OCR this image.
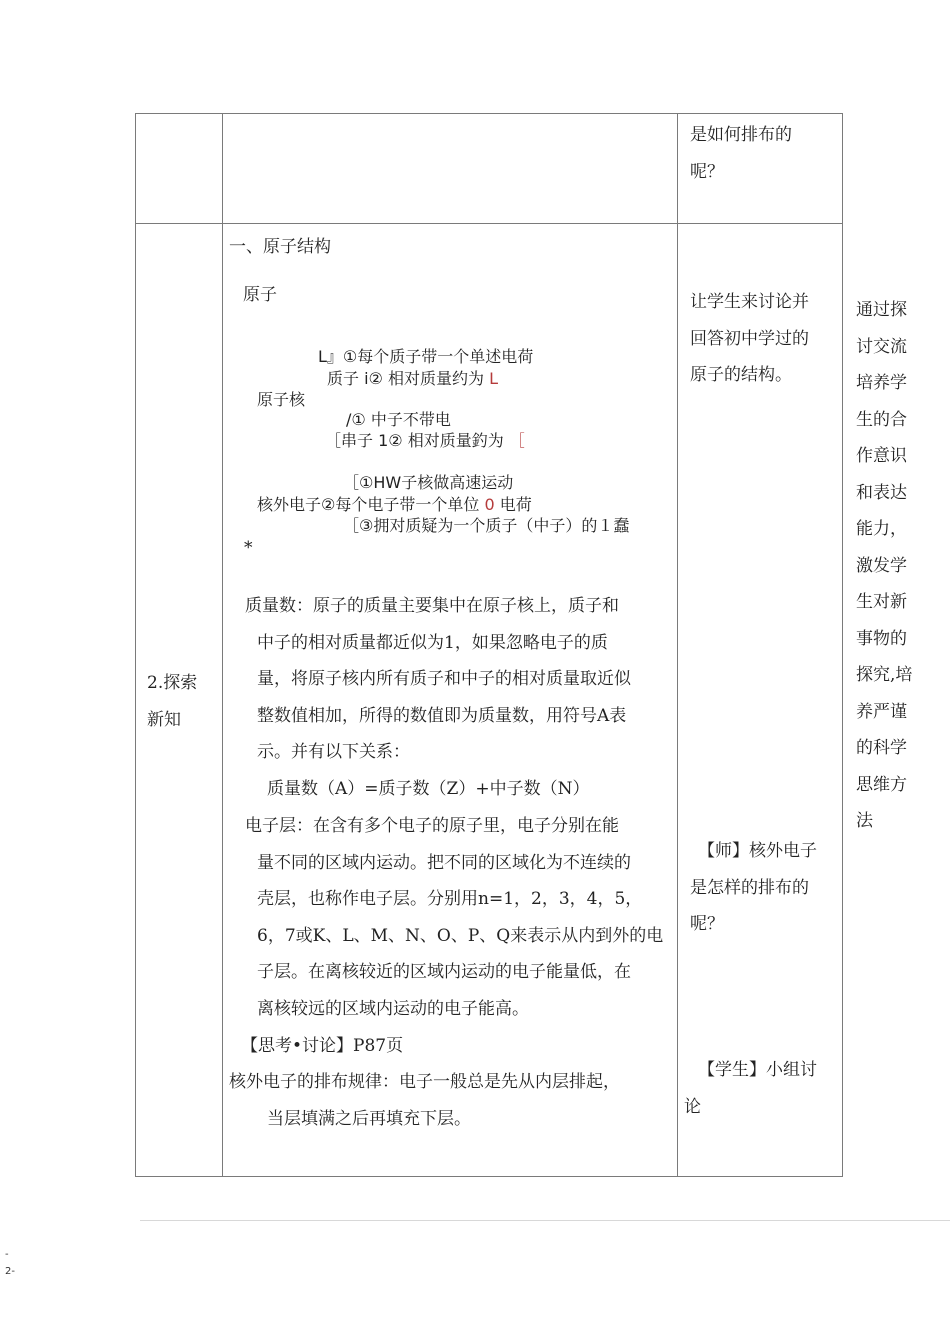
是如何排布的
呢？
2.探索
新知
一、原子结构
原子
L』①每个质子带一个单述电荷
质子 i② 相对质量约为 L
原子核
/① 中子不带电
［串子 1② 相对质量釣为 ［
［①HW子核做高速运动
核外电子②每个电子带一个单位 0 电荷
［③拥对质疑为一个质子（中子）的１蠢
*
质量数：原子的质量主要集中在原子核上，质子和
中子的相对质量都近似为1，如果忽略电子的质
量，将原子核内所有质子和中子的相对质量取近似
整数值相加，所得的数值即为质量数，用符号A表
示。并有以下关系：
质量数（A）=质子数（Z）+中子数（N）
电子层：在含有多个电子的原子里，电子分别在能
量不同的区域内运动。把不同的区域化为不连续的
壳层，也称作电子层。分别用n=1，2，3，4，5，
6，7或K、L、M、N、O、P、Q来表示从内到外的电
子层。在离核较近的区域内运动的电子能量低，在
离核较远的区域内运动的电子能高。
【思考•讨论】P87页
核外电子的排布规律：电子一般总是先从内层排起，
当层填满之后再填充下层。
让学生来讨论并
回答初中学过的
原子的结构。
【师】核外电子
是怎样的排布的
呢？
【学生】小组讨
论
通过探
讨交流
培养学
生的合
作意识
和表达
能力，
激发学
生对新
事物的
探究,培
养严谨
的科学
思维方
法
-
2-
